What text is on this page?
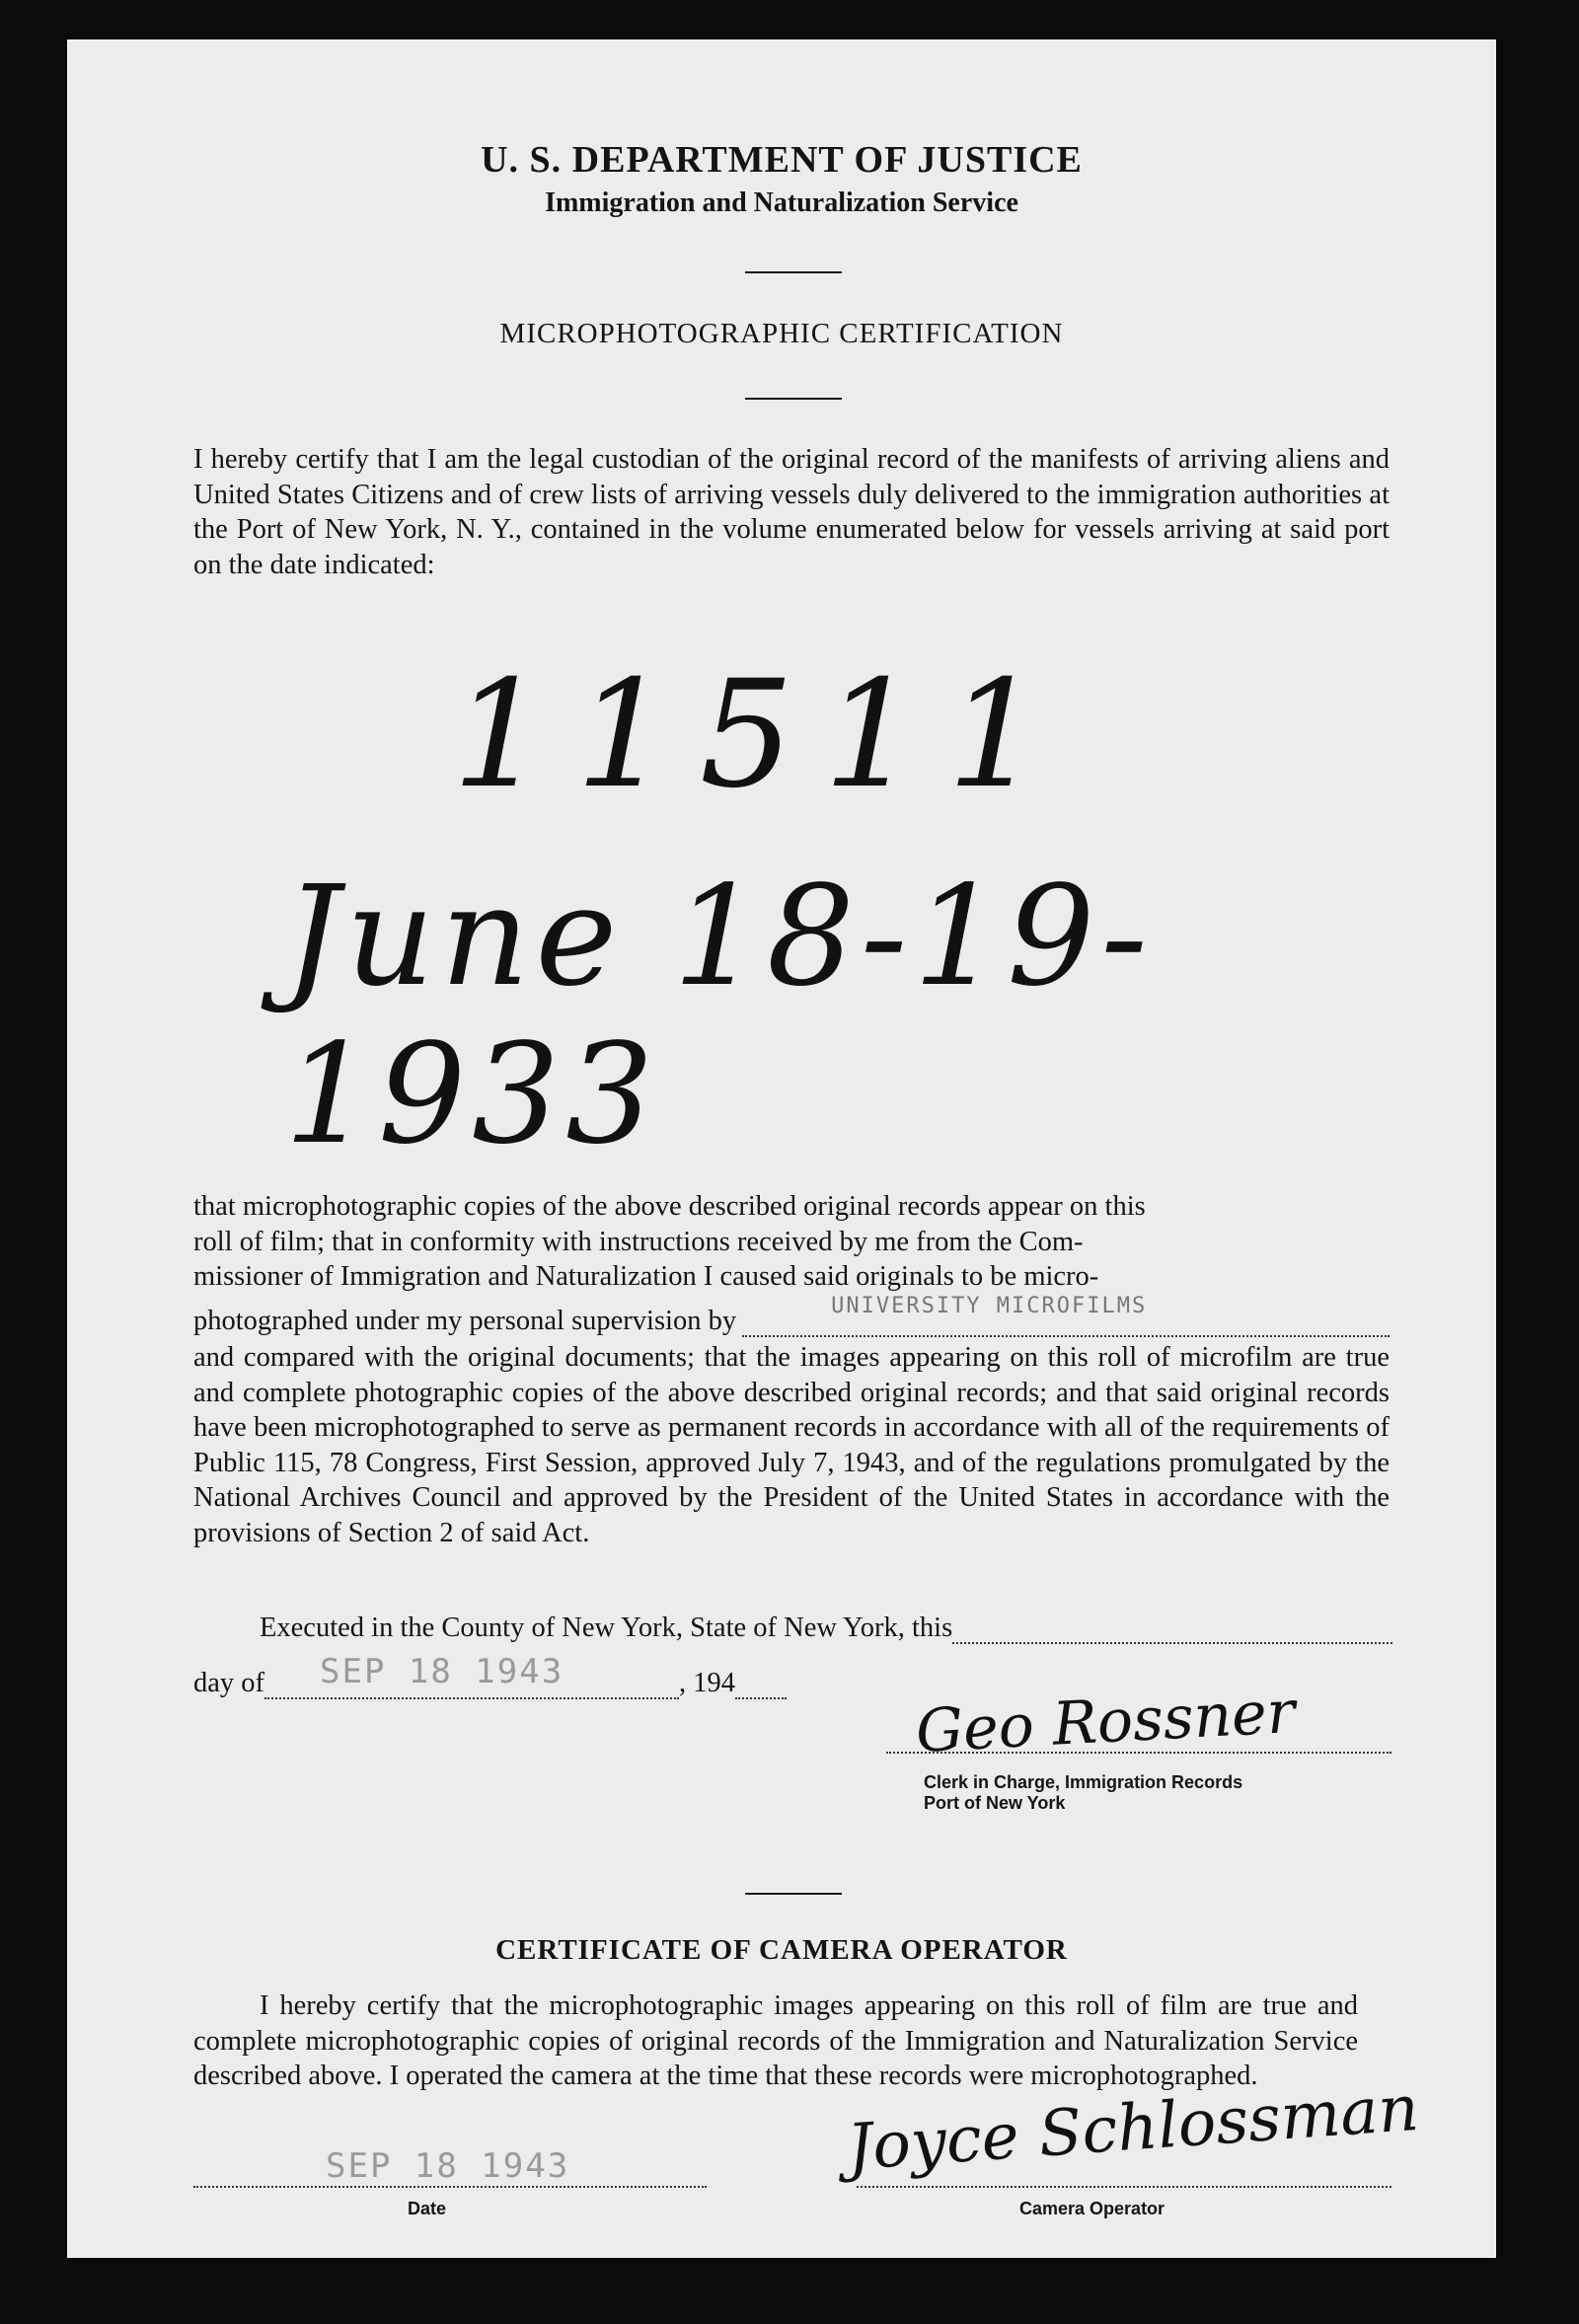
U. S. DEPARTMENT OF JUSTICE
Immigration and Naturalization Service
MICROPHOTOGRAPHIC CERTIFICATION
I hereby certify that I am the legal custodian of the original record of the manifests of arriving aliens and United States Citizens and of crew lists of arriving vessels duly delivered to the immigration authorities at the Port of New York, N. Y., contained in the volume enumerated below for vessels arriving at said port on the date indicated:
11511
June 18-19-1933
that microphotographic copies of the above described original records appear on this
roll of film; that in conformity with instructions received by me from the Com-
missioner of Immigration and Naturalization I caused said originals to be micro-
photographed under my personal supervision by	UNIVERSITY MICROFILMS
and compared with the original documents; that the images appearing on this roll of microfilm are true and complete photographic copies of the above described original records; and that said original records have been microphotographed to serve as permanent records in accordance with all of the requirements of Public 115, 78 Congress, First Session, approved July 7, 1943, and of the regulations promulgated by the National Archives Council and approved by the President of the United States in accordance with the provisions of Section 2 of said Act.
Executed in the County of New York, State of New York, this
day of SEP 18 1943	, 194	Geo Rossner
Clerk in Charge, Immigration Records
Port of New York
CERTIFICATE OF CAMERA OPERATOR
I hereby certify that the microphotographic images appearing on this roll of film are true and complete microphotographic copies of original records of the Immigration and Naturalization Service described above. I operated the camera at the time that these records were microphotographed.
SEP 18 1943
Date
Joyce Schlossman
Camera Operator
